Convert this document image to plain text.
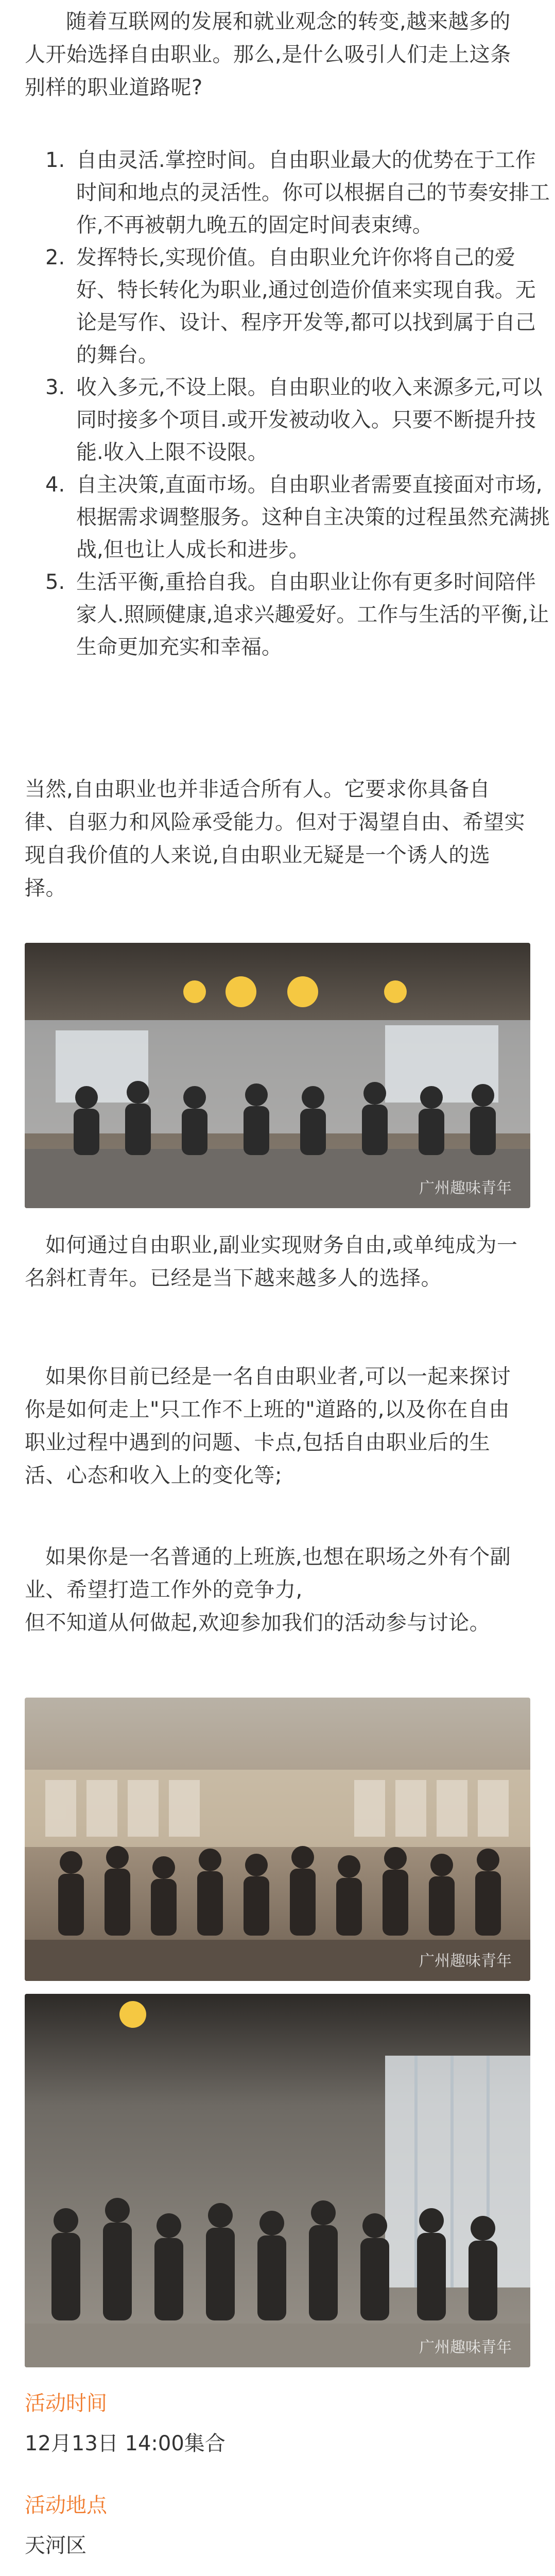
随着互联网的发展和就业观念的转变,越来越多的人开始选择自由职业。那么,是什么吸引人们走上这条别样的职业道路呢?

1. 自由灵活.掌控时间。自由职业最大的优势在于工作时间和地点的灵活性。你可以根据自己的节奏安排工作,不再被朝九晚五的固定时间表束缚。
2. 发挥特长,实现价值。自由职业允许你将自己的爱好、特长转化为职业,通过创造价值来实现自我。无论是写作、设计、程序开发等,都可以找到属于自己的舞台。
3. 收入多元,不设上限。自由职业的收入来源多元,可以同时接多个项目.或开发被动收入。只要不断提升技能.收入上限不设限。
4. 自主决策,直面市场。自由职业者需要直接面对市场,根据需求调整服务。这种自主决策的过程虽然充满挑战,但也让人成长和进步。
5. 生活平衡,重拾自我。自由职业让你有更多时间陪伴家人.照顾健康,追求兴趣爱好。工作与生活的平衡,让生命更加充实和幸福。

当然,自由职业也并非适合所有人。它要求你具备自律、自驱力和风险承受能力。但对于渴望自由、希望实现自我价值的人来说,自由职业无疑是一个诱人的选择。

广州趣味青年

如何通过自由职业,副业实现财务自由,或单纯成为一名斜杠青年。已经是当下越来越多人的选择。

如果你目前已经是一名自由职业者,可以一起来探讨你是如何走上"只工作不上班的"道路的,以及你在自由职业过程中遇到的问题、卡点,包括自由职业后的生活、心态和收入上的变化等;

如果你是一名普通的上班族,也想在职场之外有个副业、希望打造工作外的竞争力,

但不知道从何做起,欢迎参加我们的活动参与讨论。

广州趣味青年
广州趣味青年

活动时间

12月13日 14:00集合

活动地点

天河区
